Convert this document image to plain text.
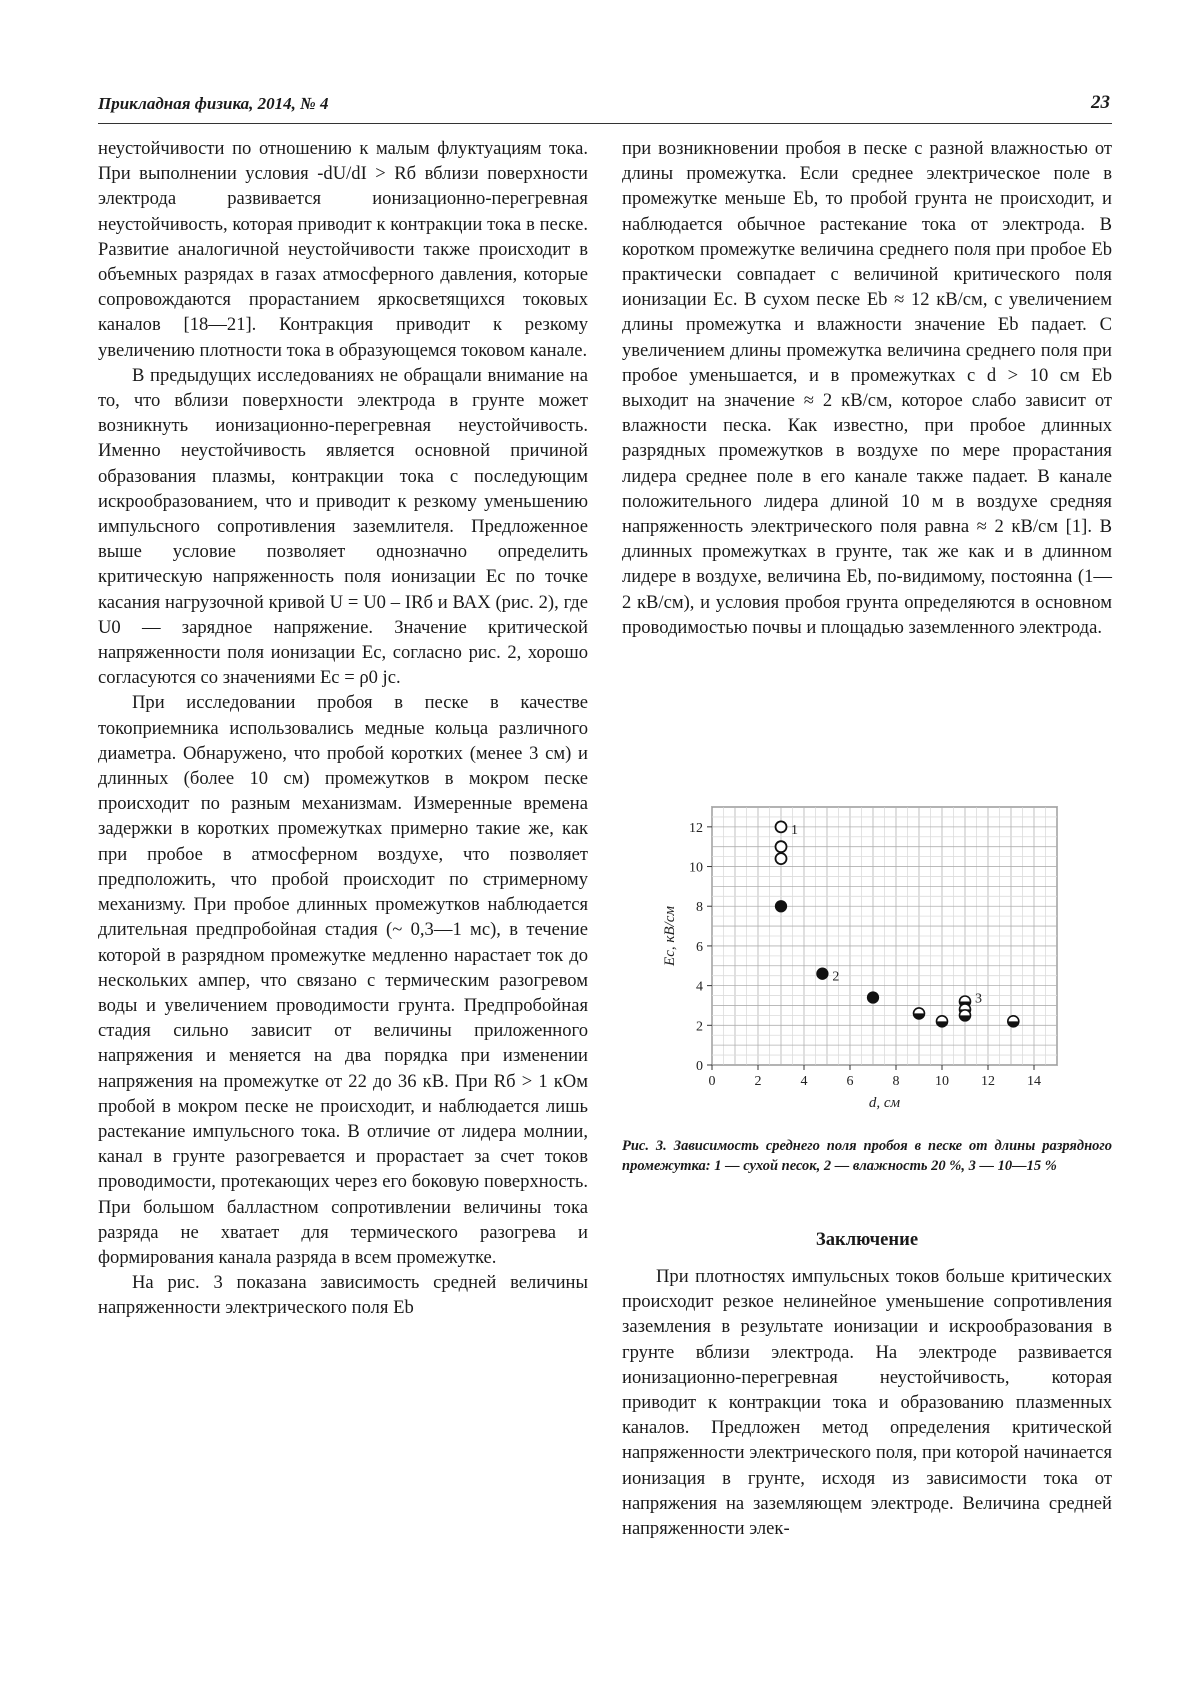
Прикладная физика, 2014, № 4	23

неустойчивости по отношению к малым флуктуациям тока. При выполнении условия -dU/dI > Rб вблизи поверхности электрода развивается ионизационно-перегревная неустойчивость, которая приводит к контракции тока в песке. Развитие аналогичной неустойчивости также происходит в объемных разрядах в газах атмосферного давления, которые сопровождаются прорастанием яркосветящихся токовых каналов [18—21]. Контракция приводит к резкому увеличению плотности тока в образующемся токовом канале.

В предыдущих исследованиях не обращали внимание на то, что вблизи поверхности электрода в грунте может возникнуть ионизационно-перегревная неустойчивость. Именно неустойчивость является основной причиной образования плазмы, контракции тока с последующим искрообразованием, что и приводит к резкому уменьшению импульсного сопротивления заземлителя. Предложенное выше условие позволяет однозначно определить критическую напряженность поля ионизации Ec по точке касания нагрузочной кривой U = U0 – IRб и ВАХ (рис. 2), где U0 — зарядное напряжение. Значение критической напряженности поля ионизации Ec, согласно рис. 2, хорошо согласуются со значениями Ec = ρ0 jc.

При исследовании пробоя в песке в качестве токоприемника использовались медные кольца различного диаметра. Обнаружено, что пробой коротких (менее 3 см) и длинных (более 10 см) промежутков в мокром песке происходит по разным механизмам. Измеренные времена задержки в коротких промежутках примерно такие же, как при пробое в атмосферном воздухе, что позволяет предположить, что пробой происходит по стримерному механизму. При пробое длинных промежутков наблюдается длительная предпробойная стадия (~ 0,3—1 мс), в течение которой в разрядном промежутке медленно нарастает ток до нескольких ампер, что связано с термическим разогревом воды и увеличением проводимости грунта. Предпробойная стадия сильно зависит от величины приложенного напряжения и меняется на два порядка при изменении напряжения на промежутке от 22 до 36 кВ. При Rб > 1 кОм пробой в мокром песке не происходит, и наблюдается лишь растекание импульсного тока. В отличие от лидера молнии, канал в грунте разогревается и прорастает за счет токов проводимости, протекающих через его боковую поверхность. При большом балластном сопротивлении величины тока разряда не хватает для термического разогрева и формирования канала разряда в всем промежутке.

На рис. 3 показана зависимость средней величины напряженности электрического поля Eb

при возникновении пробоя в песке с разной влажностью от длины промежутка. Если среднее электрическое поле в промежутке меньше Eb, то пробой грунта не происходит, и наблюдается обычное растекание тока от электрода. В коротком промежутке величина среднего поля при пробое Eb практически совпадает с величиной критического поля ионизации Ec. В сухом песке Eb ≈ 12 кВ/см, с увеличением длины промежутка и влажности значение Eb падает. С увеличением длины промежутка величина среднего поля при пробое уменьшается, и в промежутках с d > 10 см Eb выходит на значение ≈ 2 кВ/см, которое слабо зависит от влажности песка. Как известно, при пробое длинных разрядных промежутков в воздухе по мере прорастания лидера среднее поле в его канале также падает. В канале положительного лидера длиной 10 м в воздухе средняя напряженность электрического поля равна ≈ 2 кВ/см [1]. В длинных промежутках в грунте, так же как и в длинном лидере в воздухе, величина Eb, по-видимому, постоянна (1—2 кВ/см), и условия пробоя грунта определяются в основном проводимостью почвы и площадью заземленного электрода.

0	2	4	6	8	10 12 14
0
2
4
6
8
10
12
d, см
Ec, кВ/см
1
2
3
Рис. 3. Зависимость среднего поля пробоя в песке от длины разрядного промежутка: 1 — сухой песок, 2 — влажность 20 %, 3 — 10—15 %
Заключение

При плотностях импульсных токов больше критических происходит резкое нелинейное уменьшение сопротивления заземления в результате ионизации и искрообразования в грунте вблизи электрода. На электроде развивается ионизационно-перегревная неустойчивость, которая приводит к контракции тока и образованию плазменных каналов. Предложен метод определения критической напряженности электрического поля, при которой начинается ионизация в грунте, исходя из зависимости тока от напряжения на заземляющем электроде. Величина средней напряженности элек-
